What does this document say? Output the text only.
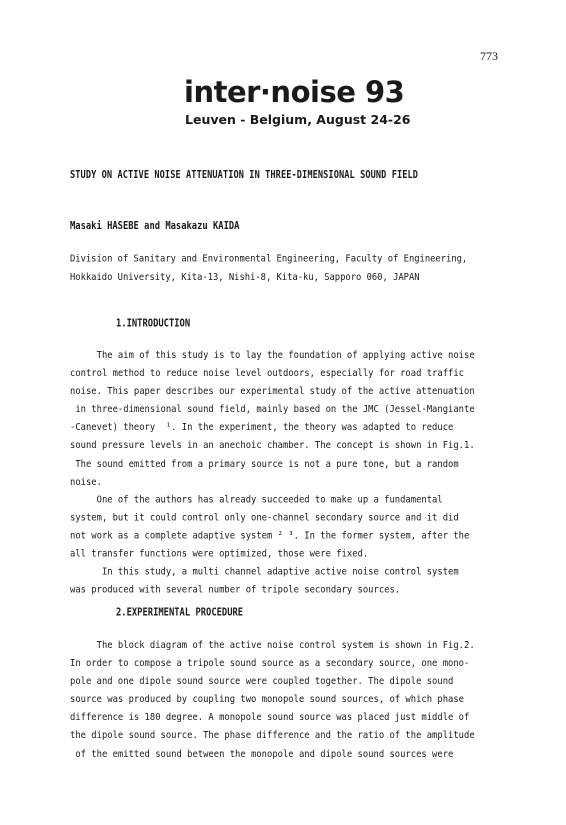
773
inter·noise 93
Leuven - Belgium, August 24-26
STUDY ON ACTIVE NOISE ATTENUATION IN THREE-DIMENSIONAL SOUND FIELD
Masaki HASEBE and Masakazu KAIDA
Division of Sanitary and Environmental Engineering, Faculty of Engineering,
Hokkaido University, Kita-13, Nishi-8, Kita-ku, Sapporo 060, JAPAN
1.INTRODUCTION
The aim of this study is to lay the foundation of applying active noise
control method to reduce noise level outdoors, especially for road traffic
noise. This paper describes our experimental study of the active attenuation
in three-dimensional sound field, mainly based on the JMC (Jessel-Mangiante
-Canevet) theory  ¹. In the experiment, the theory was adapted to reduce
sound pressure levels in an anechoic chamber. The concept is shown in Fig.1.
The sound emitted from a primary source is not a pure tone, but a random
noise.
One of the authors has already succeeded to make up a fundamental
system, but it could control only one-channel secondary source and it did
not work as a complete adaptive system ² ³. In the former system, after the
all transfer functions were optimized, those were fixed.
In this study, a multi channel adaptive active noise control system
was produced with several number of tripole secondary sources.
2.EXPERIMENTAL PROCEDURE
The block diagram of the active noise control system is shown in Fig.2.
In order to compose a tripole sound source as a secondary source, one mono-
pole and one dipole sound source were coupled together. The dipole sound
source was produced by coupling two monopole sound sources, of which phase
difference is 180 degree. A monopole sound source was placed just middle of
the dipole sound source. The phase difference and the ratio of the amplitude
of the emitted sound between the monopole and dipole sound sources were
